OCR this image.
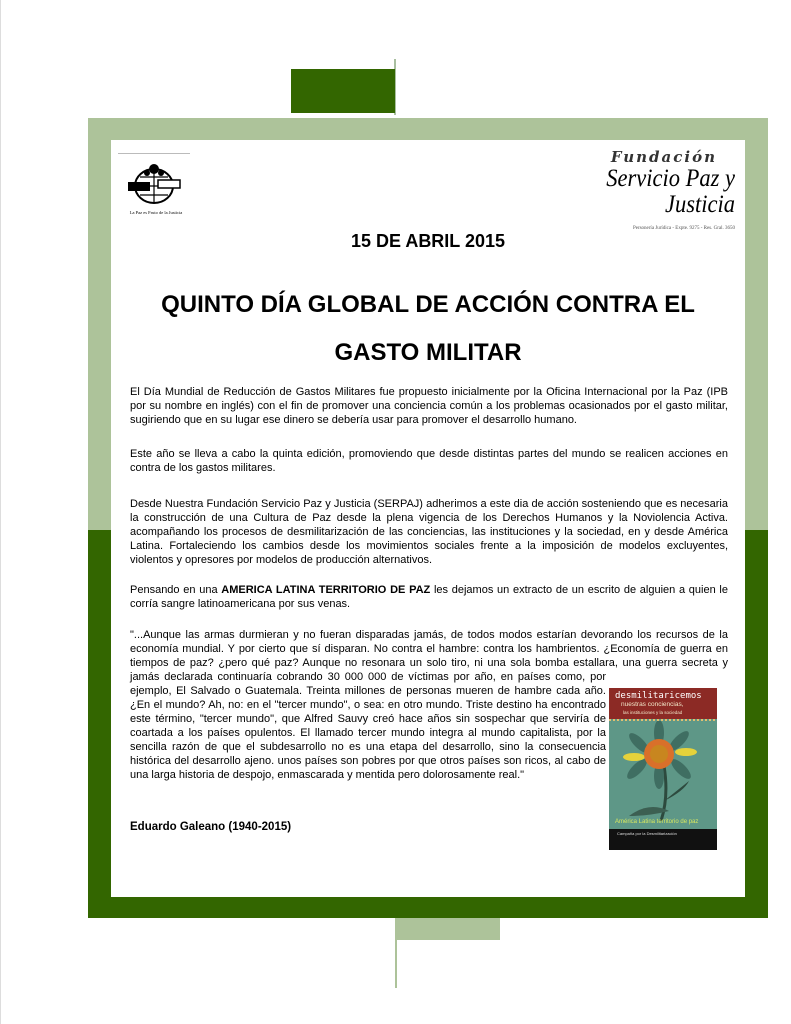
La Paz es Fruto de la Justicia
Fundación
Servicio Paz y Justicia
Personería Jurídica - Expte. 9275 - Res. Gral. 3650
15 DE ABRIL 2015
QUINTO DÍA GLOBAL DE ACCIÓN CONTRA EL
GASTO MILITAR
El Día Mundial de Reducción de Gastos Militares fue propuesto inicialmente por la Oficina Internacional por la Paz (IPB por su nombre en inglés) con el fin de promover una conciencia común a los problemas ocasionados por el gasto militar, sugiriendo que en su lugar ese dinero se debería usar para promover el desarrollo humano.
Este año se lleva a cabo la quinta edición, promoviendo que desde distintas partes del mundo se realicen acciones en contra de los gastos militares.
Desde Nuestra Fundación Servicio Paz y Justicia (SERPAJ) adherimos a este dia de acción sosteniendo que es necesaria la construcción de una Cultura de Paz desde la plena vigencia de los Derechos Humanos y la Noviolencia Activa. acompañando los procesos de desmilitarización de las conciencias, las instituciones y la sociedad, en y desde América Latina. Fortaleciendo los cambios desde los movimientos sociales frente a la imposición de modelos excluyentes, violentos y opresores por modelos de producción alternativos.
Pensando en una AMERICA LATINA TERRITORIO DE PAZ les dejamos un extracto de un escrito de alguien a quien le corría sangre latinoamericana por sus venas.
"...Aunque las armas durmieran y no fueran disparadas jamás, de todos modos estarían devorando los recursos de la economía mundial. Y por cierto que sí disparan. No contra el hambre: contra los hambrientos. ¿Economía de guerra en tiempos de paz? ¿pero qué paz? Aunque no resonara un solo tiro, ni una sola bomba estallara, una guerra secreta y jamás declarada continuaría cobrando 30 000 000 de víctimas por año, en países como, por ejemplo, El Salvado o Guatemala. Treinta millones de personas mueren de hambre cada año. ¿En el mundo? Ah, no: en el "tercer mundo", o sea: en otro mundo. Triste destino ha encontrado este término, "tercer mundo", que Alfred Sauvy creó hace años sin sospechar que serviría de coartada a los países opulentos. El llamado tercer mundo integra al mundo capitalista, por la sencilla razón de que el subdesarrollo no es una etapa del desarrollo, sino la consecuencia histórica del desarrollo ajeno. unos países son pobres por que otros países son ricos, al cabo de una larga historia de despojo, enmascarada y mentida pero dolorosamente real."
Eduardo Galeano (1940-2015)
desmilitaricemos
nuestras conciencias,
las instituciones y la sociedad
América Latina territorio de paz
Campaña por la Desmilitarización
